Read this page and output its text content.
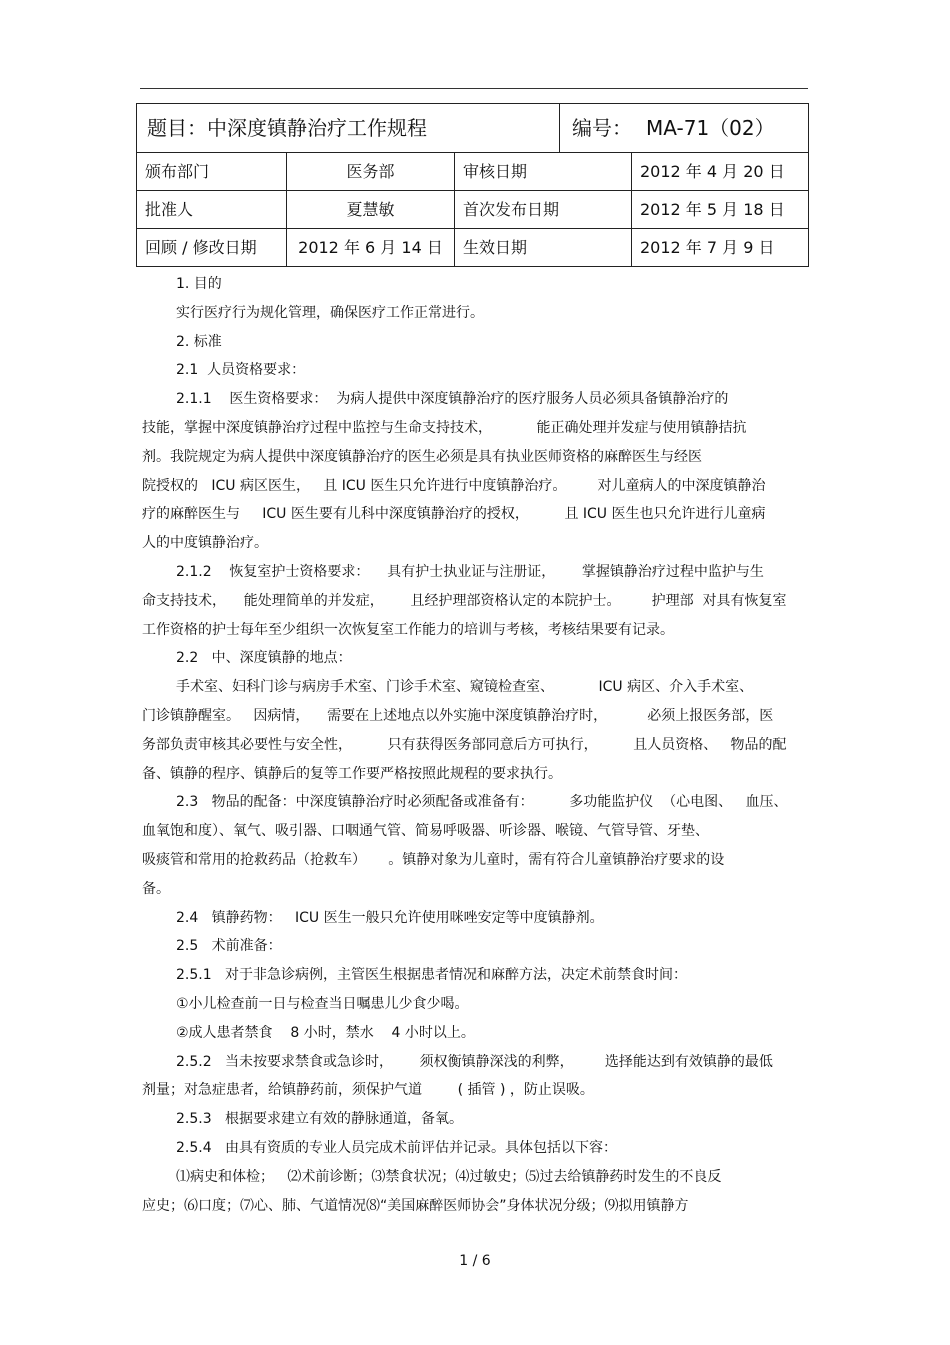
题目：中深度镇静治疗工作规程			编号： MA-71（02）	
颁布部门	医务部	审核日期		2012 年 4 月 20 日
批准人	夏慧敏	首次发布日期		2012 年 5 月 18 日
回顾 / 修改日期	2012 年 6 月 14 日	生效日期		2012 年 7 月 9 日

1. 目的

实行医疗行为规化管理，确保医疗工作正常进行。

2. 标准

2.1  人员资格要求：

2.1.1    医生资格要求：  为病人提供中深度镇静治疗的医疗服务人员必须具备镇静治疗的

技能，掌握中深度镇静治疗过程中监控与生命支持技术，          能正确处理并发症与使用镇静拮抗

剂。我院规定为病人提供中深度镇静治疗的医生必须是具有执业医师资格的麻醉医生与经医

院授权的   ICU 病区医生，   且 ICU 医生只允许进行中度镇静治疗。       对儿童病人的中深度镇静治

疗的麻醉医生与     ICU 医生要有儿科中深度镇静治疗的授权，        且 ICU 医生也只允许进行儿童病

人的中度镇静治疗。

2.1.2    恢复室护士资格要求：    具有护士执业证与注册证，      掌握镇静治疗过程中监护与生

命支持技术，    能处理简单的并发症，      且经护理部资格认定的本院护士。       护理部  对具有恢复室

工作资格的护士每年至少组织一次恢复室工作能力的培训与考核，考核结果要有记录。

2.2   中、深度镇静的地点：

手术室、妇科门诊与病房手术室、门诊手术室、窥镜检查室、          ICU 病区、介入手术室、

门诊镇静醒室。   因病情，    需要在上述地点以外实施中深度镇静治疗时，         必须上报医务部，医

务部负责审核其必要性与安全性，        只有获得医务部同意后方可执行，        且人员资格、   物品的配

备、镇静的程序、镇静后的复等工作要严格按照此规程的要求执行。

2.3   物品的配备：中深度镇静治疗时必须配备或准备有：        多功能监护仪  （心电图、   血压、

血氧饱和度）、氧气、吸引器、口咽通气管、简易呼吸器、听诊器、喉镜、气管导管、牙垫、

吸痰管和常用的抢救药品（抢救车）     。镇静对象为儿童时，需有符合儿童镇静治疗要求的设

备。

2.4   镇静药物：   ICU 医生一般只允许使用咪唑安定等中度镇静剂。

2.5   术前准备：

2.5.1   对于非急诊病例，主管医生根据患者情况和麻醉方法，决定术前禁食时间：

①小儿检查前一日与检查当日嘱患儿少食少喝。

②成人患者禁食    8 小时，禁水    4 小时以上。

2.5.2   当未按要求禁食或急诊时，      须权衡镇静深浅的利弊，       选择能达到有效镇静的最低

剂量；对急症患者，给镇静药前，须保护气道        ( 插管 ) ，防止误吸。

2.5.3   根据要求建立有效的静脉通道，备氧。

2.5.4   由具有资质的专业人员完成术前评估并记录。具体包括以下容：

⑴病史和体检；   ⑵术前诊断；⑶禁食状况；⑷过敏史；⑸过去给镇静药时发生的不良反

应史；⑹口度；⑺心、肺、气道情况⑻“美国麻醉医师协会”身体状况分级；⑼拟用镇静方

1 / 6
